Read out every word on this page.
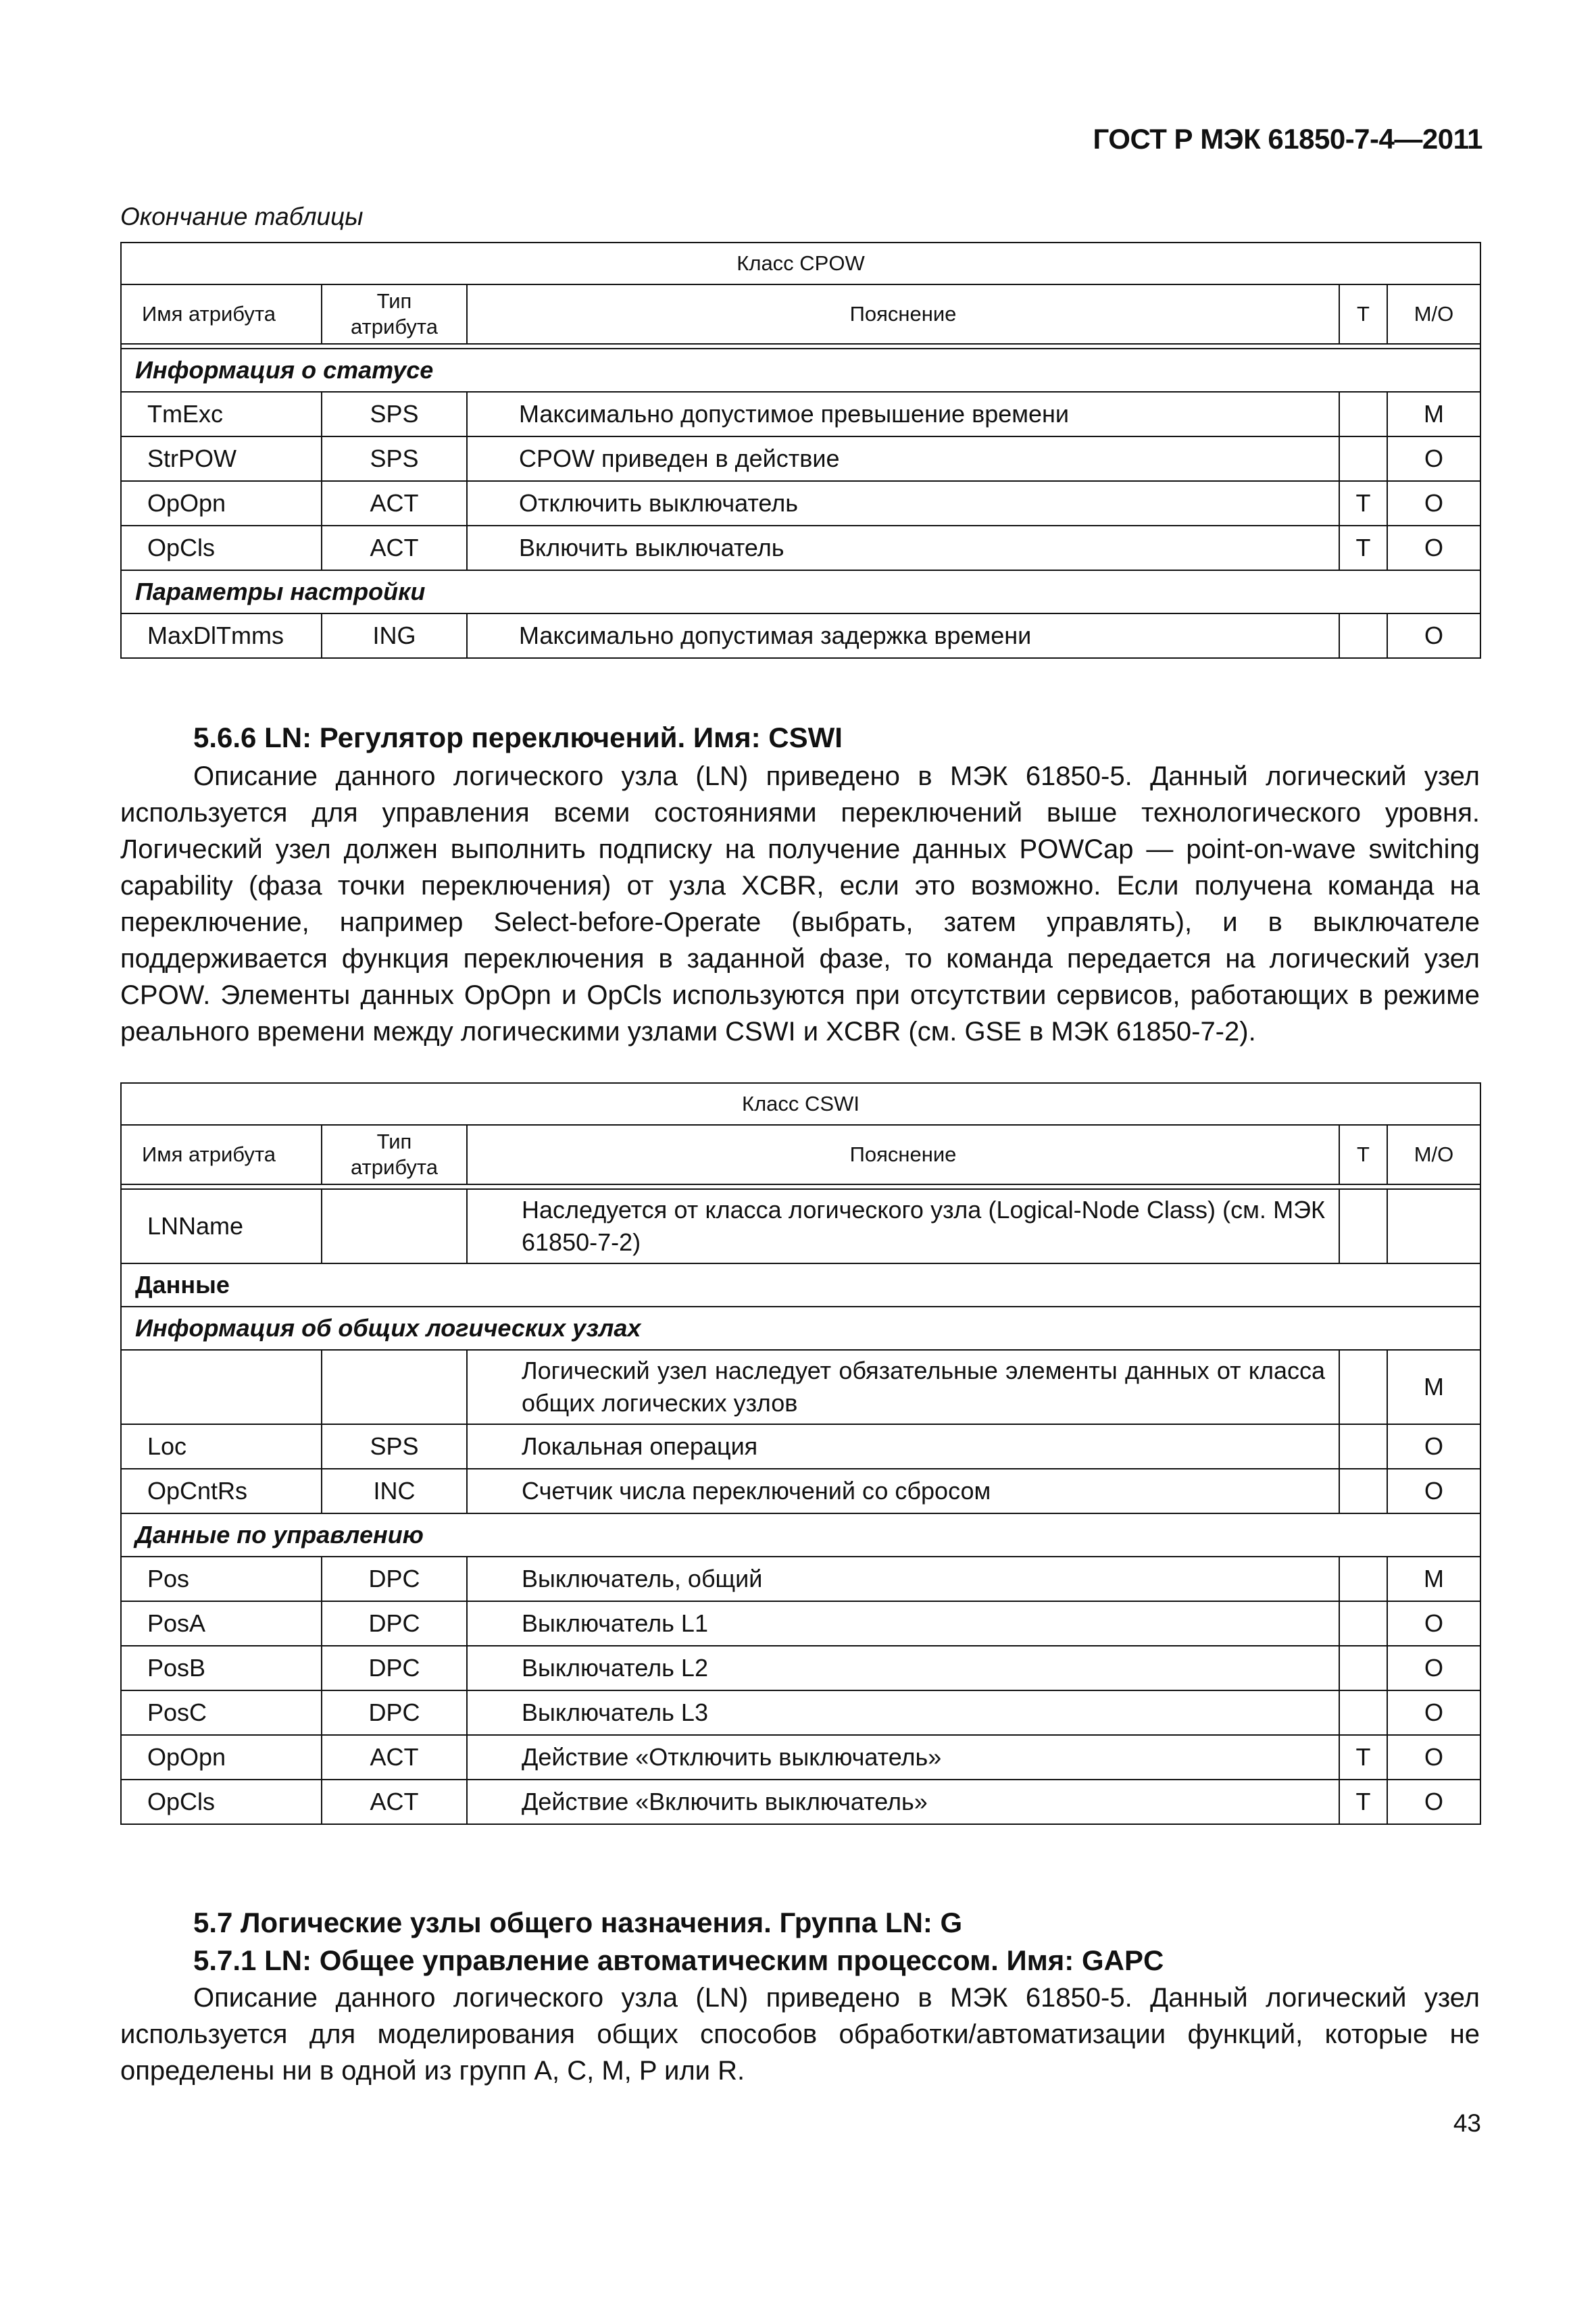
ГОСТ Р МЭК 61850-7-4—2011
Окончание таблицы
Класс CPOW				
Имя атрибута	Тип атрибута	Пояснение	T	M/O

Информация о статусе				
TmExc	SPS	Максимально допустимое превышение времени		M
StrPOW	SPS	CPOW приведен в действие		O
OpOpn	ACT	Отключить выключатель	T	O
OpCls	ACT	Включить выключатель	T	O
Параметры настройки				
MaxDlTmms	ING	Максимально допустимая задержка времени		O
5.6.6 LN: Регулятор переключений. Имя: CSWI

Описание данного логического узла (LN) приведено в МЭК 61850-5. Данный логический узел используется для управления всеми состояниями переключений выше технологического уровня. Логический узел должен выполнить подписку на получение данных POWCap — point-on-wave switching capability (фаза точки переключения) от узла XCBR, если это возможно. Если получена команда на переключение, например Select-before-Operate (выбрать, затем управлять), и в выключателе поддерживается функция переключения в заданной фазе, то команда передается на логический узел CPOW. Элементы данных OpOpn и OpCls используются при отсутствии сервисов, работающих в режиме реального времени между логическими узлами CSWI и XCBR (см. GSE в МЭК 61850-7-2).

Класс CSWI				
Имя атрибута	Тип атрибута	Пояснение	T	M/O

LNName		Наследуется от класса логического узла (Logical-Node Class) (см. МЭК 61850-7-2)		
Данные				
Информация об общих логических узлах				
		Логический узел наследует обязательные элементы данных от класса общих логических узлов		M
Loc	SPS	Локальная операция		O
OpCntRs	INC	Счетчик числа переключений со сбросом		O
Данные по управлению				
Pos	DPC	Выключатель, общий		M
PosA	DPC	Выключатель L1		O
PosB	DPC	Выключатель L2		O
PosC	DPC	Выключатель L3		O
OpOpn	ACT	Действие «Отключить выключатель»	T	O
OpCls	ACT	Действие «Включить выключатель»	T	O
5.7 Логические узлы общего назначения. Группа LN: G
5.7.1 LN: Общее управление автоматическим процессом. Имя: GAPC

Описание данного логического узла (LN) приведено в МЭК 61850-5. Данный логический узел используется для моделирования общих способов обработки/автоматизации функций, которые не определены ни в одной из групп A, C, M, P или R.

43
